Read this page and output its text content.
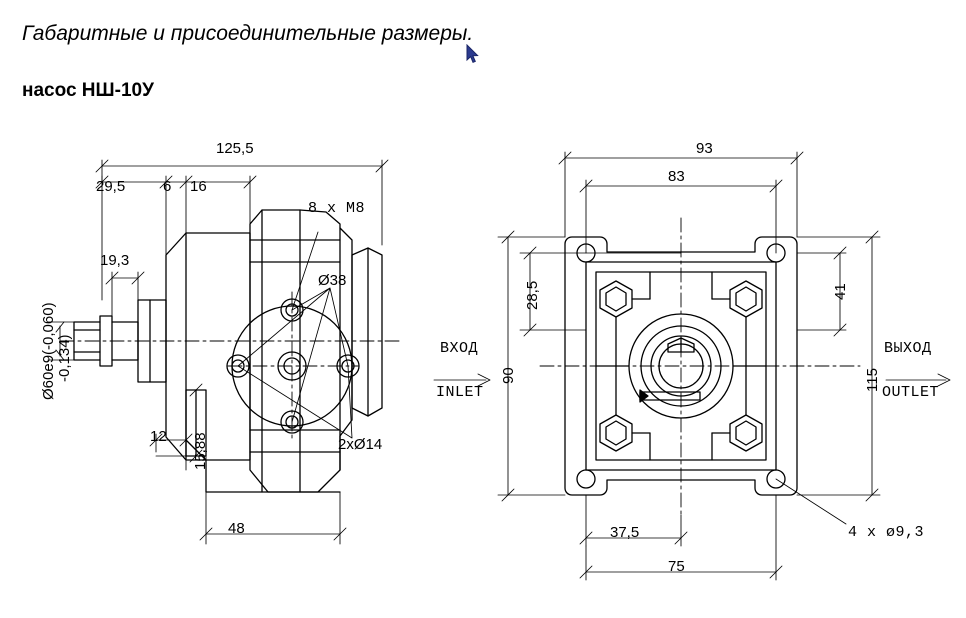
Габаритные и присоединительные размеры.
насос НШ-10У
125,5
29,5	6 16
19,3
Ø60е9(-0,060) -0,134)
15,88
12
48
Ø38
8 x M8
2xØ14
93
83
41
28,5
115
90
37,5
75
4 x ø9,3
ВХОД
INLET
ВЫХОД
OUTLET
